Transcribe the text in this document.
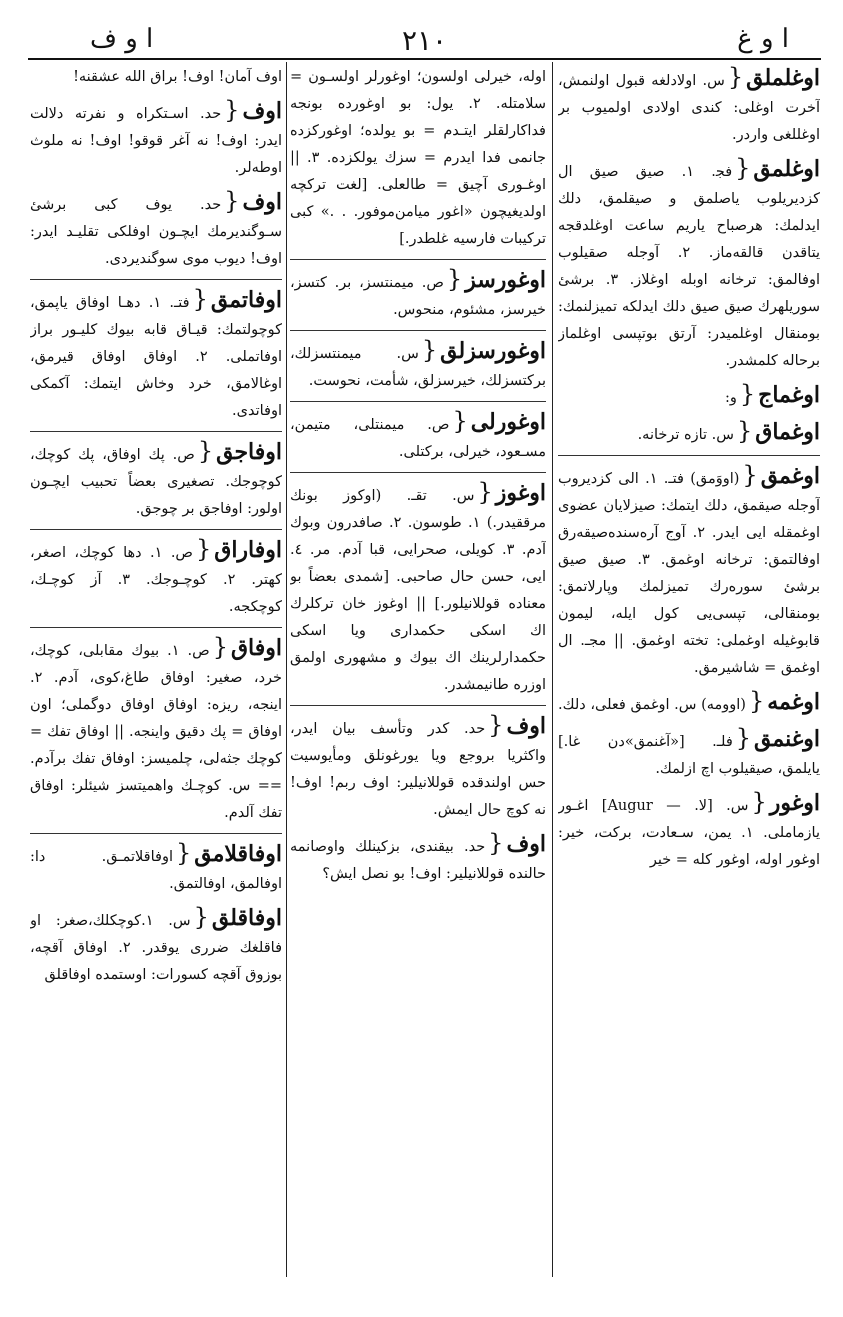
ا و غ
٢١٠
ا و ف

اوغلملق{س. اولادلغه قبول اولنمش، آخرت اوغلی: کندی اولادی اولمیوب بر اوغللغی واردر.

اوغلمق{ﻓﺠ. ١. صیق صیق ال کزدیریلوب یاصلمق و صیقلمق، دلك ایدلمك: هرصباح یاریم ساعت اوغلدقجه یتاقدن قالقەماز. ٢. آوجله صقیلوب اوفالمق: ترخانه اوبله اوغلاز. ٣. برشیٔ سوریلهرك صیق صیق دلك ایدلکه تمیزلنمك: بومنقال اوغلمیدر: آرتق بوتپسی اوغلماز برحاله کلمشدر.

اوغماج{و:

اوغماق{س. تازه ترخانه.

اوغمق{(اووَمق) فتـ. ١. الی کزدیروب آوجله صیقمق، دلك ایتمك: صیزلایان عضوی اوغمقله ایی ایدر. ٢. آوج آرەسندەصیقەرق اوفالتمق: ترخانه اوغمق. ٣. صیق صیق برشیٔ سورەرك تمیزلمك وپارلاتمق: بومنقالی، تپسی‌یی کول ایله، لیمون قابوغیله اوغملی: تخته اوغمق. || مجـ. ال اوغمق = شاشیرمق.

اوغمه{(اوومه) س. اوغمق فعلی، دلك.

اوغنمق{فلـ. [«آغنمق»دن غا.] یایلمق، صیقیلوب اچ ازلمك.

اوغور{س. [لا. — Augur] اغـور یازماملی. ١. یمن، سـعادت، برکت، خیر: اوغور اوله، اوغور کله = خیر

اوله، خیرلی اولسون؛ اوغورلر اولسـون = سلامتله. ٢. یول: بو اوغورده بونجه فداکارلقلر ایتـدم = بو یولده؛ اوغورکزده جانمی فدا ایدرم = سزك یولکزده. ٣. || اوغـوری آچیق = طالعلی. [لغت ترکچه اولدیغیچون «اغور میامن‌موفور. . .» کبی ترکیبات فارسیه غلطدر.]

اوغورسز{ص. میمنتسز، بر. کتسز، خیرسز، مشئوم، منحوس.

اوغورسزلق{س. میمنتسزلك، برکتسزلك، خیرسزلق، شأمت، نحوست.

اوغورلی{ص. میمنتلی، متیمن، مسـعود، خیرلی، برکتلی.

اوغوز{س. تقـ. (اوکوز بونك مرققیدر.) ١. طوسون. ٢. صافدرون وبوك آدم. ٣. کویلی، صحرایی، قبا آدم. مر. ٤. ایی، حسن حال صاحبی. [شمدی بعضاً بو معناده قوللانیلور.] || اوغوز خان ترکلرك اك اسکی حکمداری ویا اسکی حکمدارلرینك اك بیوك و مشهوری اولمق اوزره طانیمشدر.

اوف{حد. کدر وتأسف بیان ایدر، واکثریا بروجع ویا یورغونلق ومأیوسیت حس اولندقده قوللانیلیر: اوف ربم! اوف! نه کوچ حال ایمش.

اوف{حد. بیقندی، بزکینلك واوصانمه حالنده قوللانیلیر: اوف! بو نصل ایش؟

اوف آمان! اوف! براق الله عشقنه!

اوف{حد. اسـتکراه و نفرته دلالت ایدر: اوف! نه آغر قوقو! اوف! نه ملوث اوطەلر.

اوف{حد. یوف کبی برشیٔ سـوگندیرمك ایچـون اوفلکی تقلیـد ایدر: اوف! دیوب موی سوگندیردی.

اوفاتمق{فتـ. ١. دهـا اوفاق یاپمق، کوچولتمك: قیـاق قابه بیوك کلیـور براز اوفاتملی. ٢. اوفاق اوفاق قیرمق، اوغالامق، خرد وخاش ایتمك: آکمکی اوفاتدی.

اوفاجق{ص. پك اوفاق، پك کوچك، کوچوجك. تصغیری بعضاً تحبیب ایچـون اولور: اوفاجق بر چوجق.

اوفاراق{ص. ١. دها کوچك، اصغر، کهتر. ٢. کوچـوجك. ٣. آز کوچـك، کوچکجه.

اوفاق{ص. ١. بیوك مقابلی، کوچك، خرد، صغیر: اوفاق طاغ،کوی، آدم. ٢. اینجه، ریزه: اوفاق اوفاق دوگملی؛ اون اوفاق = پك دقیق واینجه. || اوفاق تفك = کوچك جثه‌لی، چلمیسز: اوفاق تفك برآدم. == س. کوچـك واهمیتسز شیئلر: اوفاق تفك آلدم.

اوفاقلامق{اوفاقلاتمـق. دا: اوفالمق، اوفالتمق.

اوفاقلق{س. ١.کوچکلك،صغر: او فاقلغك ضرری یوقدر. ٢. اوفاق آقچه، بوزوق آقچه کسورات: اوستمده اوفاقلق
